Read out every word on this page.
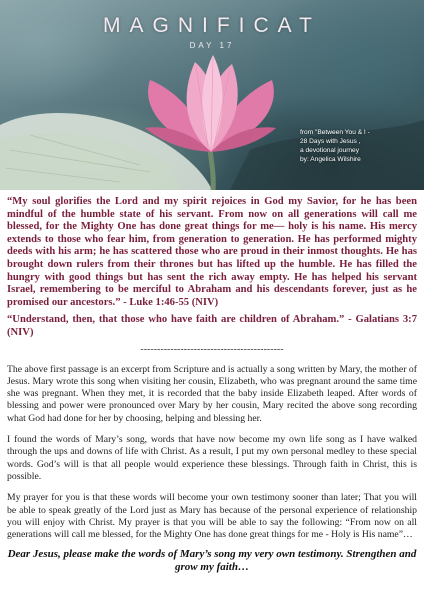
MAGNIFICAT
DAY 17
from "Between You & I -
28 Days with Jesus ,
a devotional journey
by: Angelica Wilshire

“My soul glorifies the Lord and my spirit rejoices in God my Savior, for he has been mindful of the humble state of his servant. From now on all generations will call me blessed, for the Mighty One has done great things for me— holy is his name. His mercy extends to those who fear him, from generation to generation. He has performed mighty deeds with his arm; he has scattered those who are proud in their inmost thoughts. He has brought down rulers from their thrones but has lifted up the humble. He has filled the hungry with good things but has sent the rich away empty. He has helped his servant Israel, remembering to be merciful to Abraham and his descendants forever, just as he promised our ancestors.” - Luke 1:46-55 (NIV)

“Understand, then, that those who have faith are children of Abraham.” - Galatians 3:7 (NIV)

-------------------------------------------

The above first passage is an excerpt from Scripture and is actually a song written by Mary, the mother of Jesus. Mary wrote this song when visiting her cousin, Elizabeth, who was pregnant around the same time she was pregnant. When they met, it is recorded that the baby inside Elizabeth leaped. After words of blessing and power were pronounced over Mary by her cousin, Mary recited the above song recording what God had done for her by choosing, helping and blessing her.

I found the words of Mary’s song, words that have now become my own life song as I have walked through the ups and downs of life with Christ. As a result, I put my own personal medley to these special words. God’s will is that all people would experience these blessings. Through faith in Christ, this is possible.

My prayer for you is that these words will become your own testimony sooner than later; That you will be able to speak greatly of the Lord just as Mary has because of the personal experience of relationship you will enjoy with Christ. My prayer is that you will be able to say the following: “From now on all generations will call me blessed, for the Mighty One has done great things for me - Holy is His name”…

Dear Jesus, please make the words of Mary’s song my very own testimony. Strengthen and grow my faith…
